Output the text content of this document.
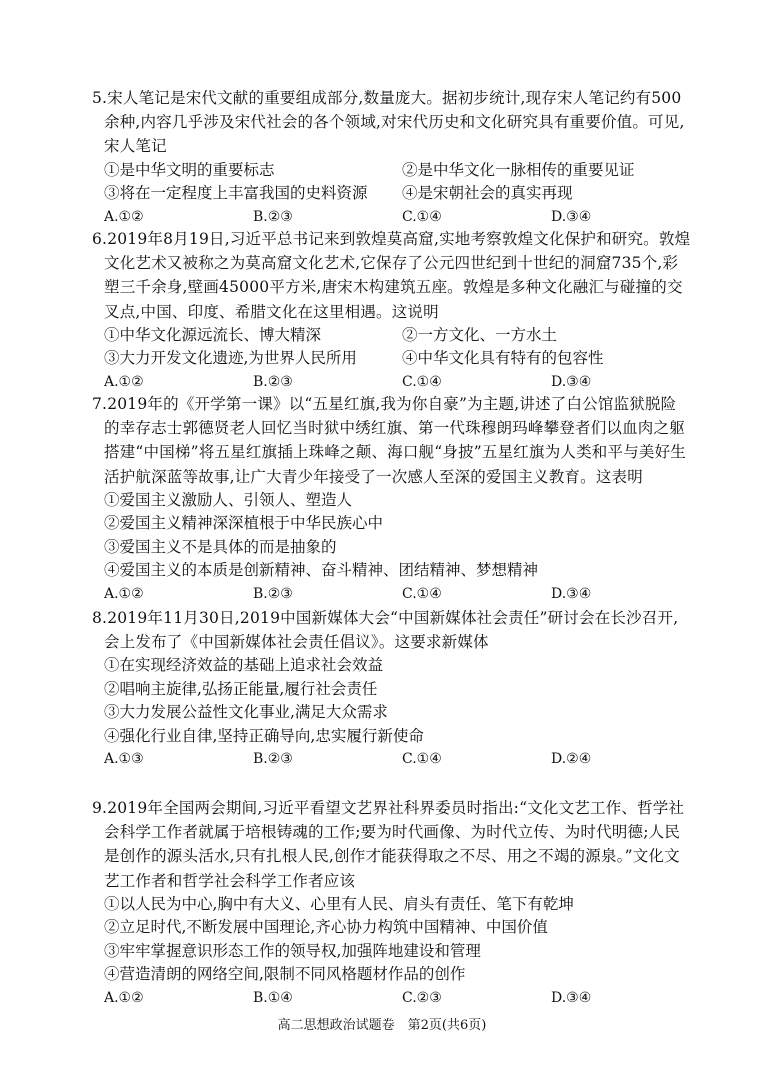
5.宋人笔记是宋代文献的重要组成部分,数量庞大。据初步统计,现存宋人笔记约有500余种,内容几乎涉及宋代社会的各个领域,对宋代历史和文化研究具有重要价值。可见,宋人笔记

①是中华文明的重要标志	②是中华文化一脉相传的重要见证
③将在一定程度上丰富我国的史料资源	④是宋朝社会的真实再现
A.①②	B.②③	C.①④	D.③④

6.2019年8月19日,习近平总书记来到敦煌莫高窟,实地考察敦煌文化保护和研究。敦煌文化艺术又被称之为莫高窟文化艺术,它保存了公元四世纪到十世纪的洞窟735个,彩塑三千余身,壁画45000平方米,唐宋木构建筑五座。敦煌是多种文化融汇与碰撞的交叉点,中国、印度、希腊文化在这里相遇。这说明

①中华文化源远流长、博大精深	②一方文化、一方水土
③大力开发文化遗迹,为世界人民所用	④中华文化具有特有的包容性
A.①②	B.②③	C.①④	D.③④

7.2019年的《开学第一课》以“五星红旗,我为你自豪”为主题,讲述了白公馆监狱脱险的幸存志士郭德贤老人回忆当时狱中绣红旗、第一代珠穆朗玛峰攀登者们以血肉之躯搭建“中国梯”将五星红旗插上珠峰之颠、海口舰“身披”五星红旗为人类和平与美好生活护航深蓝等故事,让广大青少年接受了一次感人至深的爱国主义教育。这表明

①爱国主义激励人、引领人、塑造人
②爱国主义精神深深植根于中华民族心中
③爱国主义不是具体的而是抽象的
④爱国主义的本质是创新精神、奋斗精神、团结精神、梦想精神
A.①②	B.②③	C.①④	D.③④

8.2019年11月30日,2019中国新媒体大会“中国新媒体社会责任”研讨会在长沙召开,会上发布了《中国新媒体社会责任倡议》。这要求新媒体

①在实现经济效益的基础上追求社会效益
②唱响主旋律,弘扬正能量,履行社会责任
③大力发展公益性文化事业,满足大众需求
④强化行业自律,坚持正确导向,忠实履行新使命
A.①③	B.②③	C.①④	D.②④

9.2019年全国两会期间,习近平看望文艺界社科界委员时指出:“文化文艺工作、哲学社会科学工作者就属于培根铸魂的工作;要为时代画像、为时代立传、为时代明德;人民是创作的源头活水,只有扎根人民,创作才能获得取之不尽、用之不竭的源泉。”文化文艺工作者和哲学社会科学工作者应该

①以人民为中心,胸中有大义、心里有人民、肩头有责任、笔下有乾坤
②立足时代,不断发展中国理论,齐心协力构筑中国精神、中国价值
③牢牢掌握意识形态工作的领导权,加强阵地建设和管理
④营造清朗的网络空间,限制不同风格题材作品的创作
A.①②	B.①④	C.②③	D.③④
高二思想政治试题卷　第2页(共6页)
